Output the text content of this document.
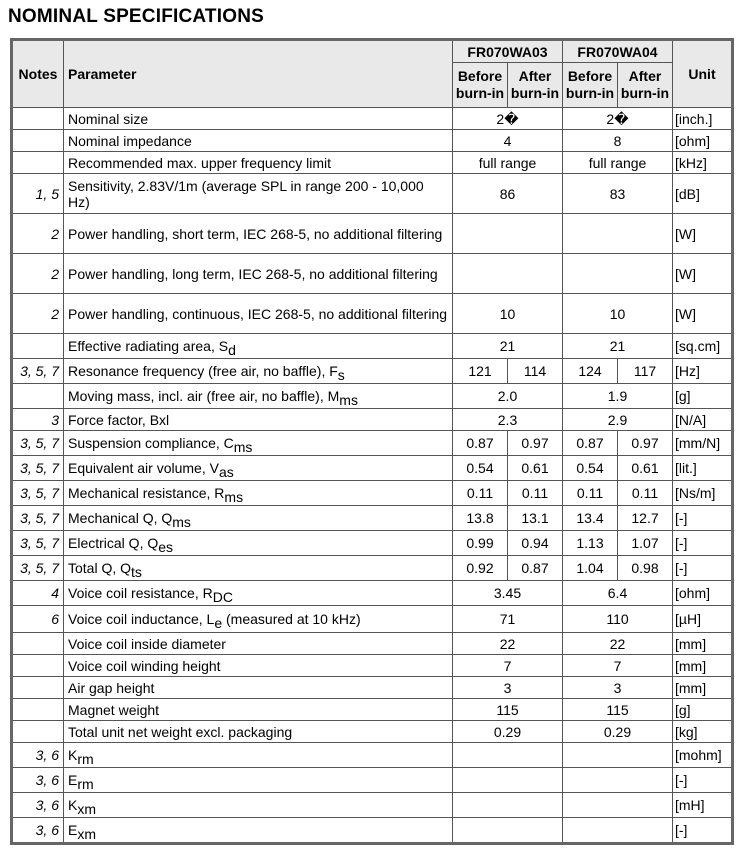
NOMINAL SPECIFICATIONS
Notes	Parameter	FR070WA03		FR070WA04		Unit
		Before burn-in	After burn-in	Before burn-in	After burn-in	
	Nominal size	2�		2�		[inch.]
	Nominal impedance	4		8		[ohm]
	Recommended max. upper frequency limit	full range		full range		[kHz]
1, 5	Sensitivity, 2.83V/1m (average SPL in range 200 - 10,000 Hz)	86		83		[dB]
2	Power handling, short term, IEC 268-5, no additional filtering					[W]
2	Power handling, long term, IEC 268-5, no additional filtering					[W]
2	Power handling, continuous, IEC 268-5, no additional filtering	10		10		[W]
	Effective radiating area, $S_d$	21		21		[sq.cm]
3, 5, 7	Resonance frequency (free air, no baffle), $F_s$	121	114	124	117	[Hz]
	Moving mass, incl. air (free air, no baffle), $M_{ms}$	2.0		1.9		[g]
3	Force factor, Bxl	2.3		2.9		[N/A]
3, 5, 7	Suspension compliance, $C_{ms}$	0.87	0.97	0.87	0.97	[mm/N]
3, 5, 7	Equivalent air volume, $V_{as}$	0.54	0.61	0.54	0.61	[lit.]
3, 5, 7	Mechanical resistance, $R_{ms}$	0.11	0.11	0.11	0.11	[Ns/m]
3, 5, 7	Mechanical Q, $Q_{ms}$	13.8	13.1	13.4	12.7	[-]
3, 5, 7	Electrical Q, $Q_{es}$	0.99	0.94	1.13	1.07	[-]
3, 5, 7	Total Q, $Q_{ts}$	0.92	0.87	1.04	0.98	[-]
4	Voice coil resistance, $R_{DC}$	3.45		6.4		[ohm]
6	Voice coil inductance, $L_e$ (measured at 10 kHz)	71		110		[µH]
	Voice coil inside diameter	22		22		[mm]
	Voice coil winding height	7		7		[mm]
	Air gap height	3		3		[mm]
	Magnet weight	115		115		[g]
	Total unit net weight excl. packaging	0.29		0.29		[kg]
3, 6	$K_{rm}$					[mohm]
3, 6	$E_{rm}$					[-]
3, 6	$K_{xm}$					[mH]
3, 6	$E_{xm}$					[-]
